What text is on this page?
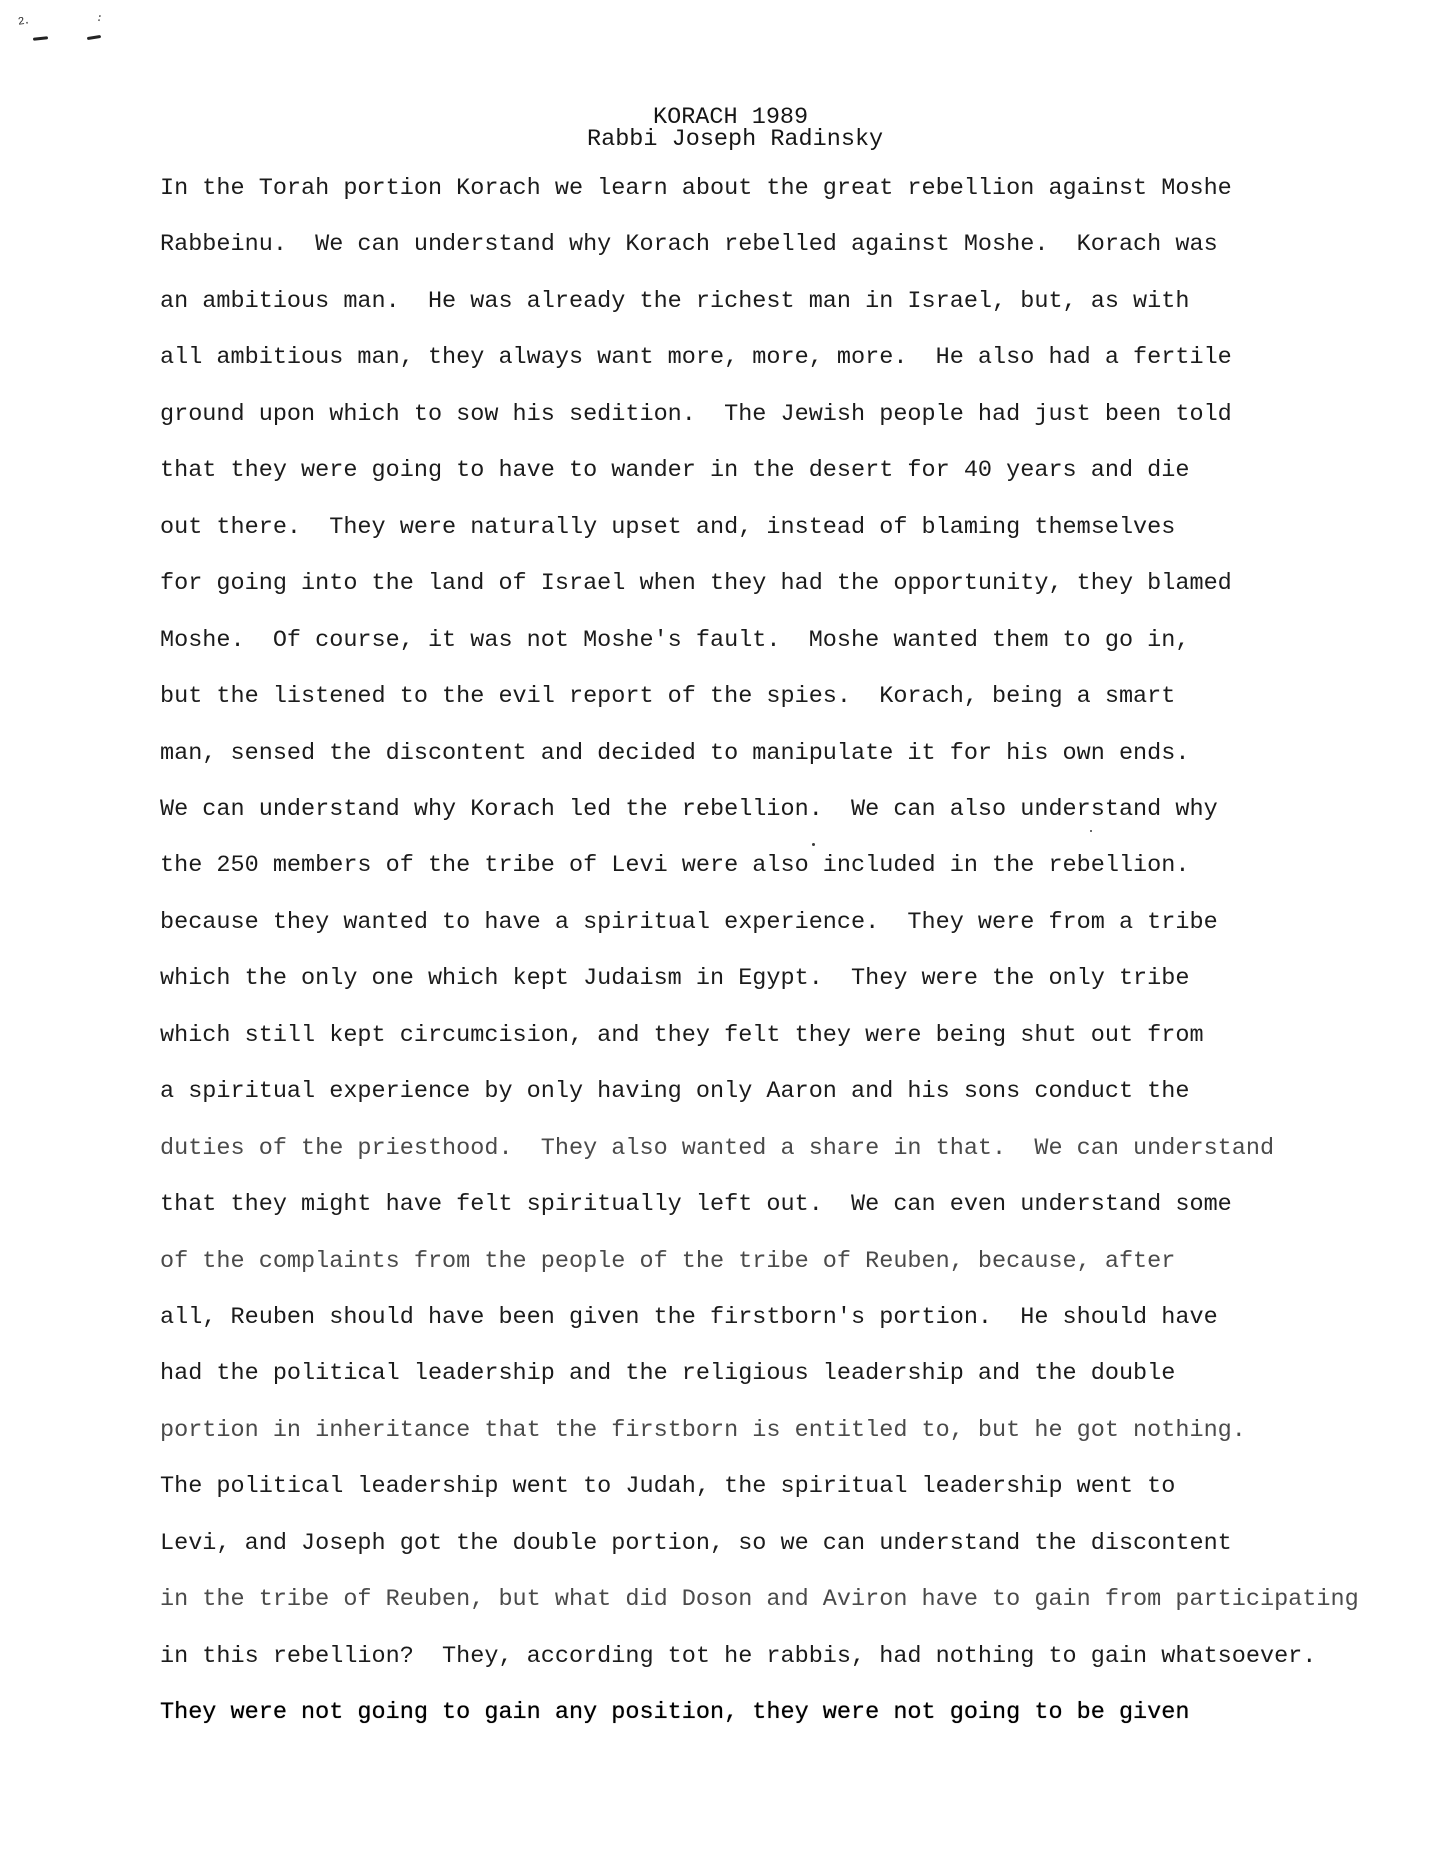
2.	:
KORACH 1989
Rabbi Joseph Radinsky
In the Torah portion Korach we learn about the great rebellion against Moshe
Rabbeinu.  We can understand why Korach rebelled against Moshe.  Korach was
an ambitious man.  He was already the richest man in Israel, but, as with
all ambitious man, they always want more, more, more.  He also had a fertile
ground upon which to sow his sedition.  The Jewish people had just been told
that they were going to have to wander in the desert for 40 years and die
out there.  They were naturally upset and, instead of blaming themselves
for going into the land of Israel when they had the opportunity, they blamed
Moshe.  Of course, it was not Moshe's fault.  Moshe wanted them to go in,
but the listened to the evil report of the spies.  Korach, being a smart
man, sensed the discontent and decided to manipulate it for his own ends.
We can understand why Korach led the rebellion.  We can also understand why
the 250 members of the tribe of Levi were also included in the rebellion.
because they wanted to have a spiritual experience.  They were from a tribe
which the only one which kept Judaism in Egypt.  They were the only tribe
which still kept circumcision, and they felt they were being shut out from
a spiritual experience by only having only Aaron and his sons conduct the
duties of the priesthood.  They also wanted a share in that.  We can understand
that they might have felt spiritually left out.  We can even understand some
of the complaints from the people of the tribe of Reuben, because, after
all, Reuben should have been given the firstborn's portion.  He should have
had the political leadership and the religious leadership and the double
portion in inheritance that the firstborn is entitled to, but he got nothing.
The political leadership went to Judah, the spiritual leadership went to
Levi, and Joseph got the double portion, so we can understand the discontent
in the tribe of Reuben, but what did Doson and Aviron have to gain from participating
in this rebellion?  They, according tot he rabbis, had nothing to gain whatsoever.
They were not going to gain any position, they were not going to be given
